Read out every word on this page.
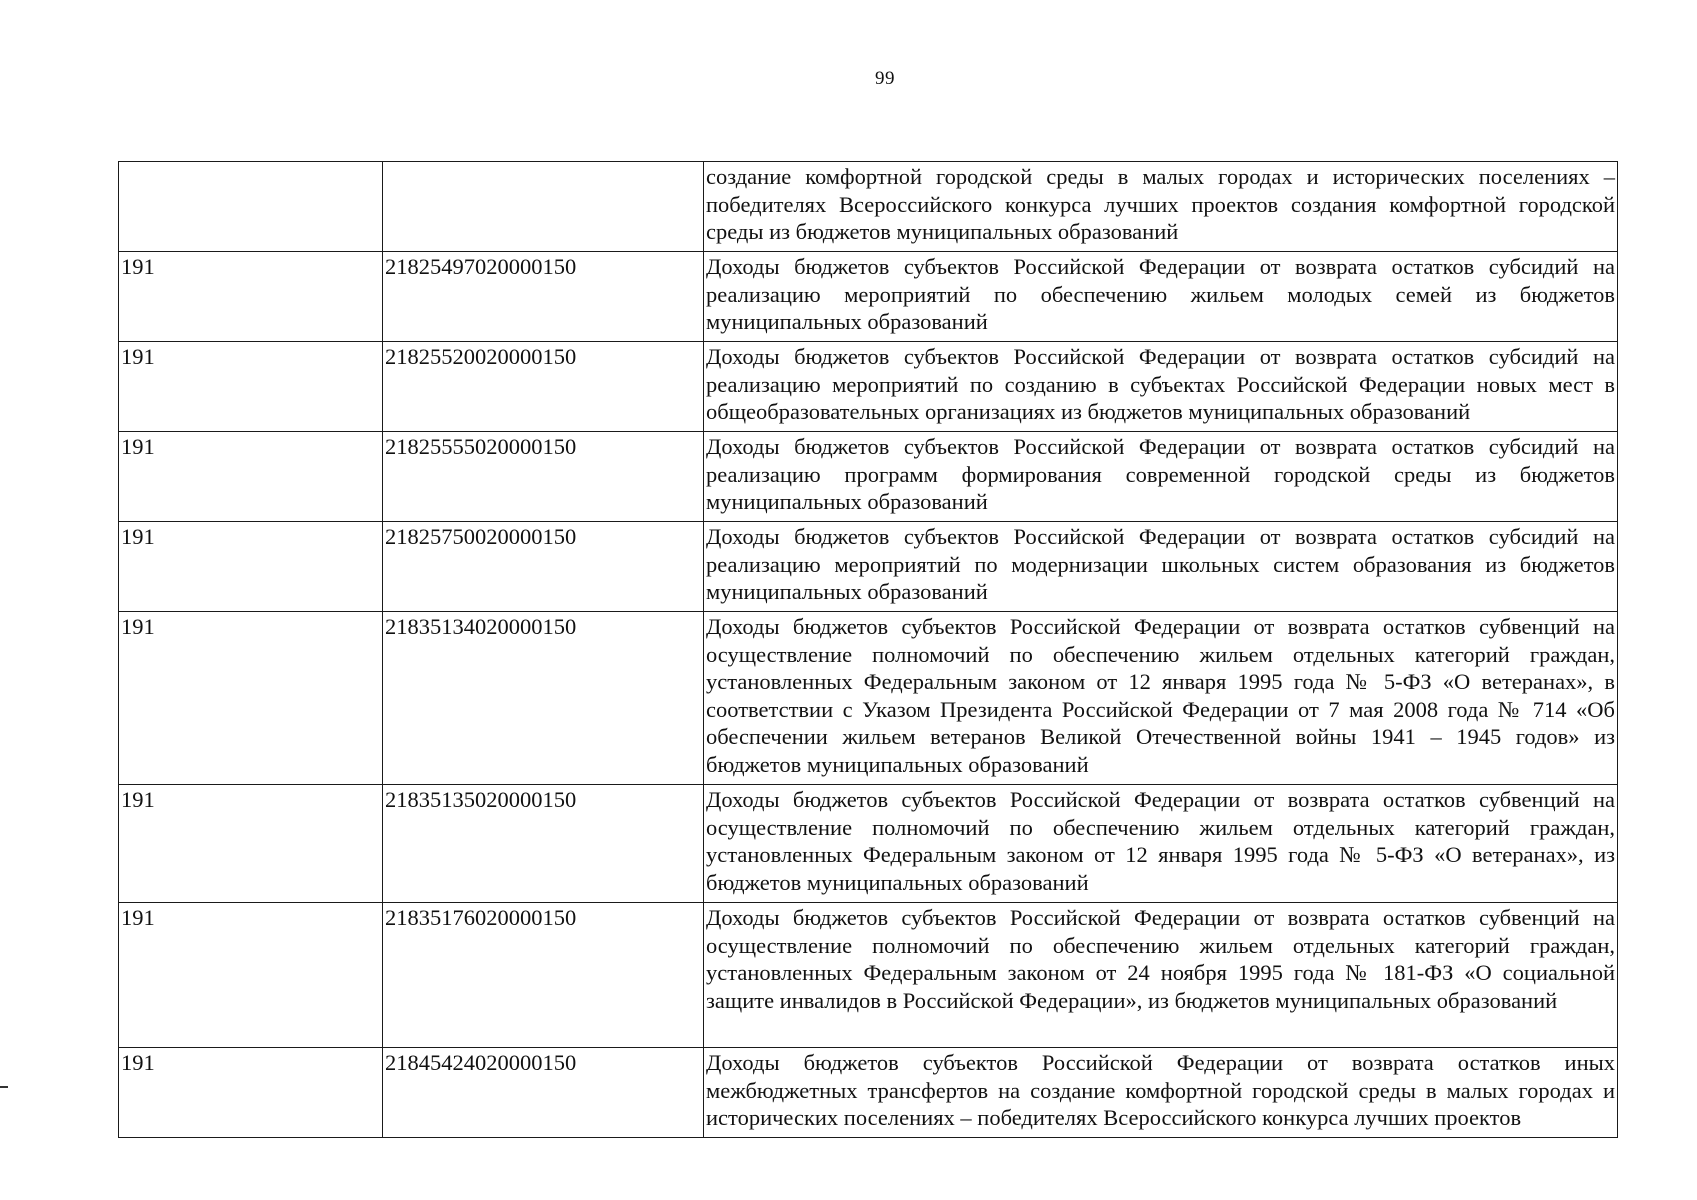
99
		создание комфортной городской среды в малых городах и исторических поселениях – победителях Всероссийского конкурса лучших проектов создания комфортной городской среды из бюджетов муниципальных образований
191	21825497020000150	Доходы бюджетов субъектов Российской Федерации от возврата остатков субсидий на реализацию мероприятий по обеспечению жильем молодых семей из бюджетов муниципальных образований
191	21825520020000150	Доходы бюджетов субъектов Российской Федерации от возврата остатков субсидий на реализацию мероприятий по созданию в субъектах Российской Федерации новых мест в общеобразовательных организациях из бюджетов муниципальных образований
191	21825555020000150	Доходы бюджетов субъектов Российской Федерации от возврата остатков субсидий на реализацию программ формирования современной городской среды из бюджетов муниципальных образований
191	21825750020000150	Доходы бюджетов субъектов Российской Федерации от возврата остатков субсидий на реализацию мероприятий по модернизации школьных систем образования из бюджетов муниципальных образований
191	21835134020000150	Доходы бюджетов субъектов Российской Федерации от возврата остатков субвенций на осуществление полномочий по обеспечению жильем отдельных категорий граждан, установленных Федеральным законом от 12 января 1995 года № 5-ФЗ «О ветеранах», в соответствии с Указом Президента Российской Федерации от 7 мая 2008 года № 714 «Об обеспечении жильем ветеранов Великой Отечественной войны 1941 – 1945 годов» из бюджетов муниципальных образований
191	21835135020000150	Доходы бюджетов субъектов Российской Федерации от возврата остатков субвенций на осуществление полномочий по обеспечению жильем отдельных категорий граждан, установленных Федеральным законом от 12 января 1995 года № 5-ФЗ «О ветеранах», из бюджетов муниципальных образований
191	21835176020000150	Доходы бюджетов субъектов Российской Федерации от возврата остатков субвенций на осуществление полномочий по обеспечению жильем отдельных категорий граждан, установленных Федеральным законом от 24 ноября 1995 года № 181-ФЗ «О социальной защите инвалидов в Российской Федерации», из бюджетов муниципальных образований
191	21845424020000150	Доходы бюджетов субъектов Российской Федерации от возврата остатков иных межбюджетных трансфертов на создание комфортной городской среды в малых городах и исторических поселениях – победителях Всероссийского конкурса лучших проектов
